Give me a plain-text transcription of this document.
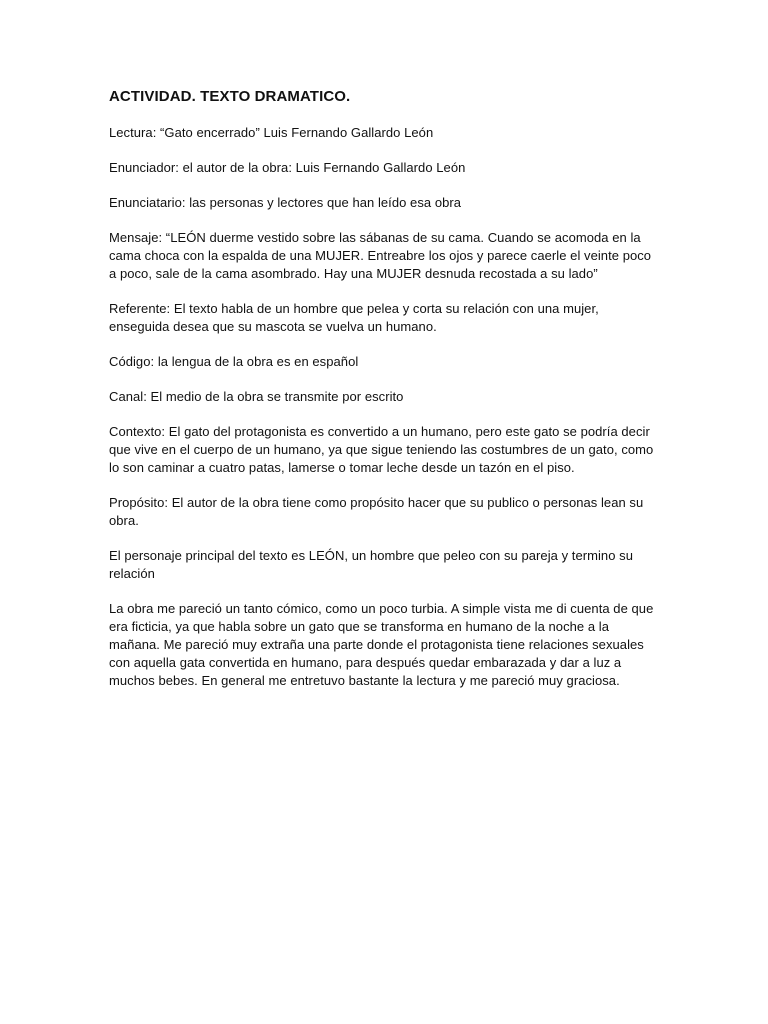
ACTIVIDAD. TEXTO DRAMATICO.

Lectura: “Gato encerrado” Luis Fernando Gallardo León

Enunciador: el autor de la obra: Luis Fernando Gallardo León

Enunciatario: las personas y lectores que han leído esa obra

Mensaje: “LEÓN duerme vestido sobre las sábanas de su cama. Cuando se acomoda en la cama choca con la espalda de una MUJER. Entreabre los ojos y parece caerle el veinte poco a poco, sale de la cama asombrado. Hay una MUJER desnuda recostada a su lado”

Referente: El texto habla de un hombre que pelea y corta su relación con una mujer, enseguida desea que su mascota se vuelva un humano.

Código: la lengua de la obra es en español

Canal: El medio de la obra se transmite por escrito

Contexto: El gato del protagonista es convertido a un humano, pero este gato se podría decir que vive en el cuerpo de un humano, ya que sigue teniendo las costumbres de un gato, como lo son caminar a cuatro patas, lamerse o tomar leche desde un tazón en el piso.

Propósito: El autor de la obra tiene como propósito hacer que su publico o personas lean su obra.

El personaje principal del texto es LEÓN, un hombre que peleo con su pareja y termino su relación

La obra me pareció un tanto cómico, como un poco turbia. A simple vista me di cuenta de que era ficticia, ya que habla sobre un gato que se transforma en humano de la noche a la mañana. Me pareció muy extraña una parte donde el protagonista tiene relaciones sexuales con aquella gata convertida en humano, para después quedar embarazada y dar a luz a muchos bebes. En general me entretuvo bastante la lectura y me pareció muy graciosa.
